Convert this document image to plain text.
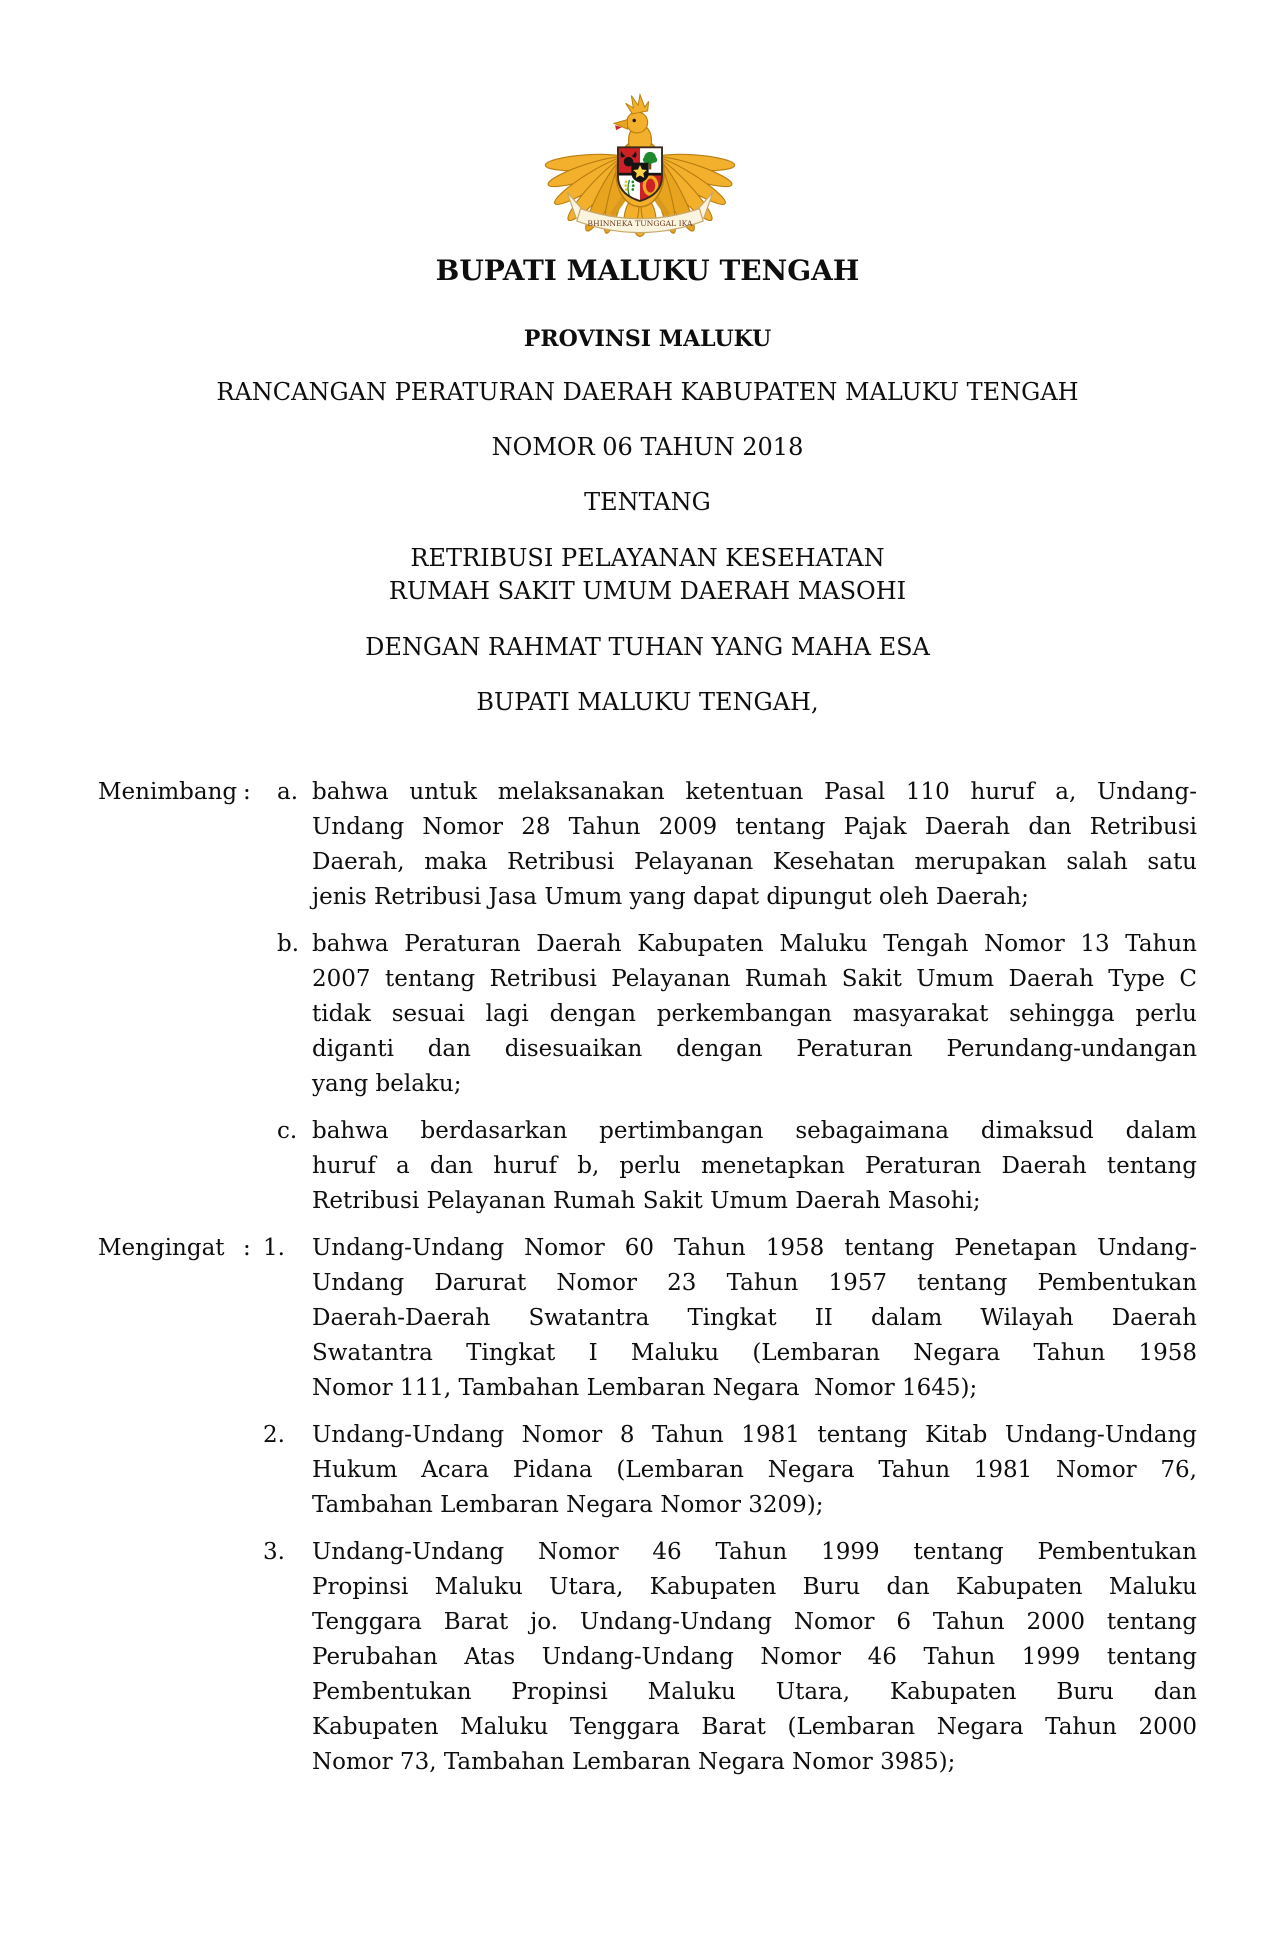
BHINNEKA TUNGGAL IKA
BUPATI MALUKU TENGAH
PROVINSI MALUKU
RANCANGAN PERATURAN DAERAH KABUPATEN MALUKU TENGAH
NOMOR 06 TAHUN 2018
TENTANG
RETRIBUSI PELAYANAN KESEHATAN
RUMAH SAKIT UMUM DAERAH MASOHI
DENGAN RAHMAT TUHAN YANG MAHA ESA
BUPATI MALUKU TENGAH,
Menimbang :	a. bahwa untuk melaksanakan ketentuan Pasal 110 huruf a, Undang-
Undang Nomor 28 Tahun 2009 tentang Pajak Daerah dan Retribusi
Daerah, maka Retribusi Pelayanan Kesehatan merupakan salah satu
jenis Retribusi Jasa Umum yang dapat dipungut oleh Daerah;
b. bahwa Peraturan Daerah Kabupaten Maluku Tengah Nomor 13 Tahun
2007 tentang Retribusi Pelayanan Rumah Sakit Umum Daerah Type C
tidak sesuai lagi dengan perkembangan masyarakat sehingga perlu
diganti dan disesuaikan dengan Peraturan Perundang-undangan
yang belaku;
c. bahwa berdasarkan pertimbangan sebagaimana dimaksud dalam
huruf a dan huruf b, perlu menetapkan Peraturan Daerah tentang
Retribusi Pelayanan Rumah Sakit Umum Daerah Masohi;
Mengingat : 1.	Undang-Undang Nomor 60 Tahun 1958 tentang Penetapan Undang-
Undang Darurat Nomor 23 Tahun 1957 tentang Pembentukan
Daerah-Daerah Swatantra Tingkat II dalam Wilayah Daerah
Swatantra Tingkat I Maluku (Lembaran Negara Tahun 1958
Nomor 111, Tambahan Lembaran Negara  Nomor 1645);
2.	Undang-Undang Nomor 8 Tahun 1981 tentang Kitab Undang-Undang
Hukum Acara Pidana (Lembaran Negara Tahun 1981 Nomor 76,
Tambahan Lembaran Negara Nomor 3209);
3.	Undang-Undang Nomor 46 Tahun 1999 tentang Pembentukan
Propinsi Maluku Utara, Kabupaten Buru dan Kabupaten Maluku
Tenggara Barat jo. Undang-Undang Nomor 6 Tahun 2000 tentang
Perubahan Atas Undang-Undang Nomor 46 Tahun 1999 tentang
Pembentukan Propinsi Maluku Utara, Kabupaten Buru dan
Kabupaten Maluku Tenggara Barat (Lembaran Negara Tahun 2000
Nomor 73, Tambahan Lembaran Negara Nomor 3985);
